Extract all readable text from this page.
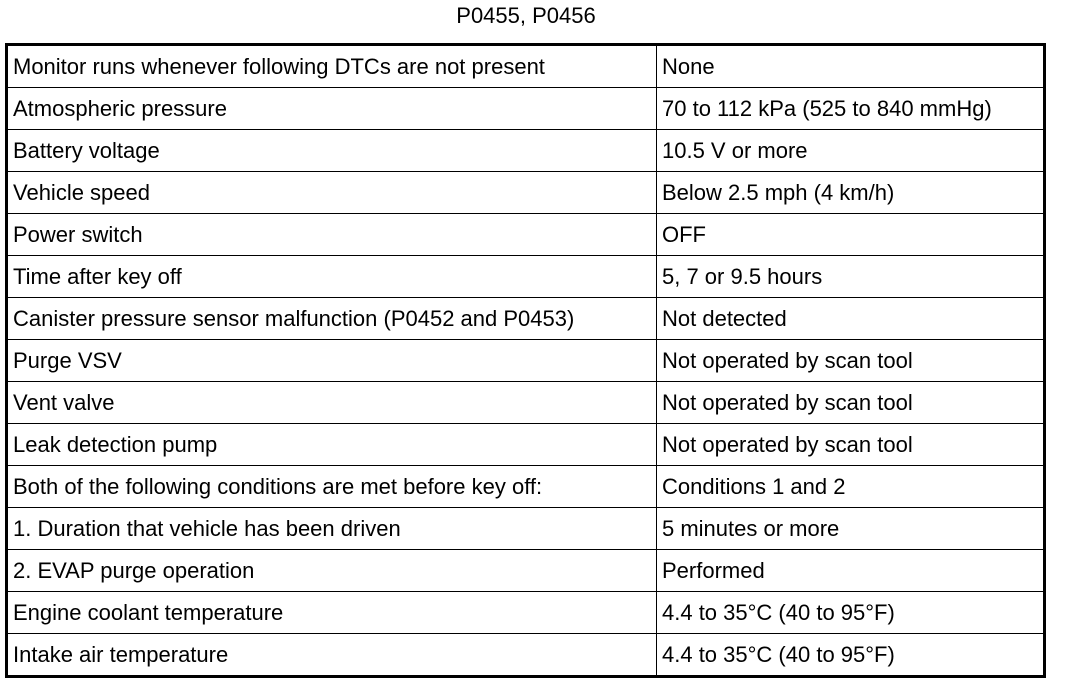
P0455, P0456
Monitor runs whenever following DTCs are not present	None
Atmospheric pressure	70 to 112 kPa (525 to 840 mmHg)
Battery voltage	10.5 V or more
Vehicle speed	Below 2.5 mph (4 km/h)
Power switch	OFF
Time after key off	5, 7 or 9.5 hours
Canister pressure sensor malfunction (P0452 and P0453)	Not detected
Purge VSV	Not operated by scan tool
Vent valve	Not operated by scan tool
Leak detection pump	Not operated by scan tool
Both of the following conditions are met before key off:	Conditions 1 and 2
1. Duration that vehicle has been driven	5 minutes or more
2. EVAP purge operation	Performed
Engine coolant temperature	4.4 to 35°C (40 to 95°F)
Intake air temperature	4.4 to 35°C (40 to 95°F)
